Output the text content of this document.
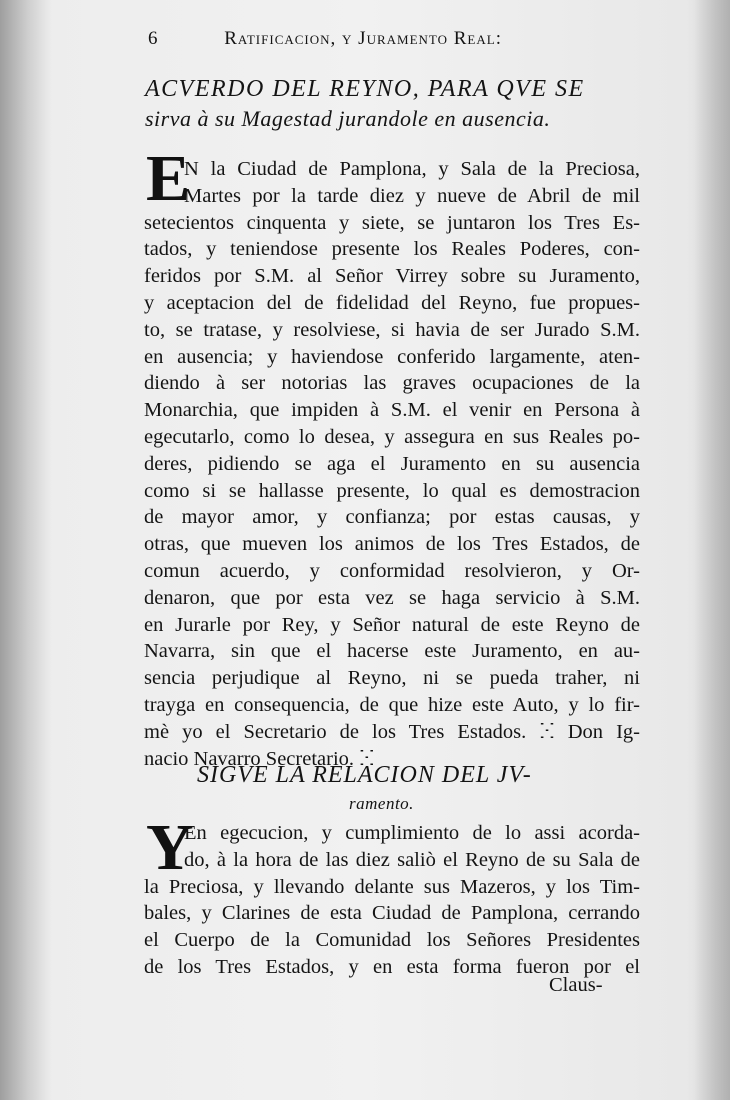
6	Ratificacion, y Juramento Real:
ACVERDO DEL REYNO, PARA QVE SE
sirva à su Magestad jurandole en ausencia.
E
N la Ciudad de Pamplona, y Sala de la Preciosa,
Martes por la tarde diez y nueve de Abril de mil
setecientos cinquenta y siete, se juntaron los Tres Es-
tados, y teniendose presente los Reales Poderes, con-
feridos por S.M. al Señor Virrey sobre su Juramento,
y aceptacion del de fidelidad del Reyno, fue propues-
to, se tratase, y resolviese, si havia de ser Jurado S.M.
en ausencia; y haviendose conferido largamente, aten-
diendo à ser notorias las graves ocupaciones de la
Monarchia, que impiden à S.M. el venir en Persona à
egecutarlo, como lo desea, y assegura en sus Reales po-
deres, pidiendo se aga el Juramento en su ausencia
como si se hallasse presente, lo qual es demostracion
de mayor amor, y confianza; por estas causas, y
otras, que mueven los animos de los Tres Estados, de
comun acuerdo, y conformidad resolvieron, y Or-
denaron, que por esta vez se haga servicio à S.M.
en Jurarle por Rey, y Señor natural de este Reyno de
Navarra, sin que el hacerse este Juramento, en au-
sencia perjudique al Reyno, ni se pueda traher, ni
trayga en consequencia, de que hize este Auto, y lo fir-
mè yo el Secretario de los Tres Estados. ⵘ Don Ig-
nacio Navarro Secretario. ⵘ
SIGVE LA RELACION DEL JV-
ramento.
Y
En egecucion, y cumplimiento de lo assi acorda-
do, à la hora de las diez saliò el Reyno de su Sala de
la Preciosa, y llevando delante sus Mazeros, y los Tim-
bales, y Clarines de esta Ciudad de Pamplona, cerrando
el Cuerpo de la Comunidad los Señores Presidentes
de los Tres Estados, y en esta forma fueron por el
Claus-
